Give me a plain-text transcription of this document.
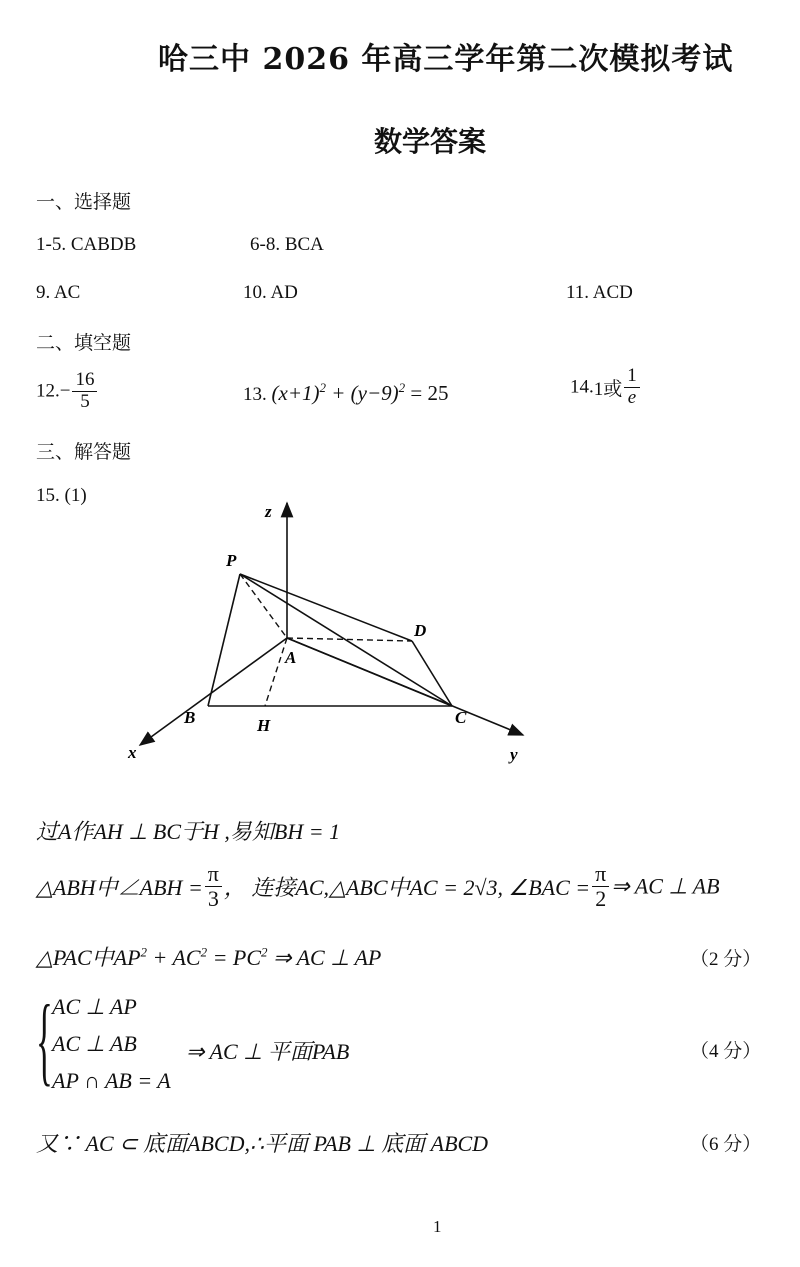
哈三中 2026 年高三学年第二次模拟考试
数学答案
一、选择题
1-5. CABDB	6-8. BCA
9. AC	10. AD	11. ACD
二、填空题
$12.- \frac{16}{5}$	13. $(x+1)^2 + (y-9)^2 = 25$	14.1或 $\frac{1}{e}$
三、解答题
15. (1)
z
x	y
P
A
B	C
D
H
过A作AH ⊥ BC于H ,易知BH = 1
△ABH中∠ABH = $\frac{\pi}{3}$ ， 连接AC,△ABC中AC = 2√3, ∠BAC = $\frac{\pi}{2}$ ⇒ AC ⊥ AB
△PAC中$AP^2 + AC^2 = PC^2$ ⇒ AC ⊥ AP	（2 分）
{ AC ⊥ AP
AC ⊥ AB
AP ∩ AB = A
⇒ AC ⊥ 平面PAB	（4 分）
又∵ AC ⊂ 底面ABCD,∴平面 PAB ⊥ 底面 ABCD	（6 分）
1
